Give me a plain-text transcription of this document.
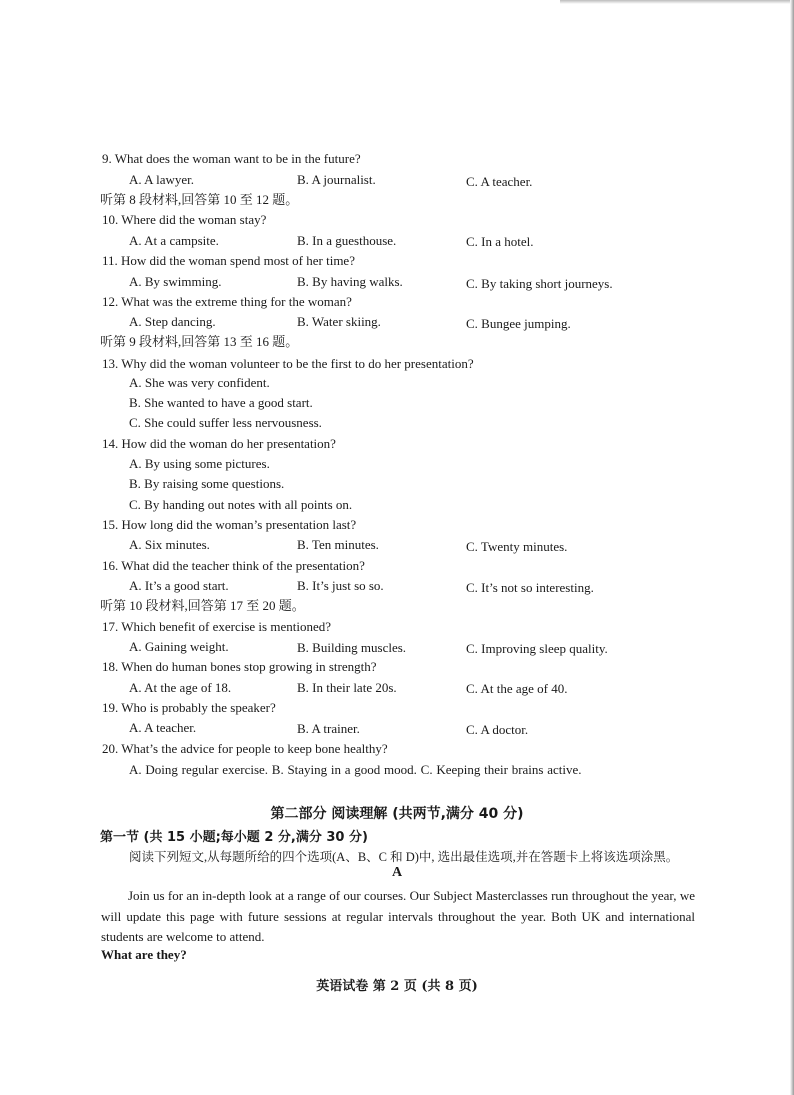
9. What does the woman want to be in the future?
A. A lawyer.	B. A journalist.	C. A teacher.
听第 8 段材料,回答第 10 至 12 题。
10. Where did the woman stay?
A. At a campsite.	B. In a guesthouse.	C. In a hotel.
11. How did the woman spend most of her time?
A. By swimming.	B. By having walks.	C. By taking short journeys.
12. What was the extreme thing for the woman?
A. Step dancing.	B. Water skiing.	C. Bungee jumping.
听第 9 段材料,回答第 13 至 16 题。
13. Why did the woman volunteer to be the first to do her presentation?
A. She was very confident.
B. She wanted to have a good start.
C. She could suffer less nervousness.
14. How did the woman do her presentation?
A. By using some pictures.
B. By raising some questions.
C. By handing out notes with all points on.
15. How long did the woman’s presentation last?
A. Six minutes.	B. Ten minutes.	C. Twenty minutes.
16. What did the teacher think of the presentation?
A. It’s a good start.	B. It’s just so so.	C. It’s not so interesting.
听第 10 段材料,回答第 17 至 20 题。
17. Which benefit of exercise is mentioned?
A. Gaining weight.	B. Building muscles.	C. Improving sleep quality.
18. When do human bones stop growing in strength?
A. At the age of 18.	B. In their late 20s.	C. At the age of 40.
19. Who is probably the speaker?
A. A teacher.	B. A trainer.	C. A doctor.
20. What’s the advice for people to keep bone healthy?
A. Doing regular exercise. B. Staying in a good mood. C. Keeping their brains active.
第二部分 阅读理解 (共两节,满分 40 分)
第一节 (共 15 小题;每小题 2 分,满分 30 分)
阅读下列短文,从每题所给的四个选项(A、B、C 和 D)中, 选出最佳选项,并在答题卡上将该选项涂黑。
A
Join us for an in-depth look at a range of our courses. Our Subject Masterclasses run throughout the year, we will update this page with future sessions at regular intervals throughout the year. Both UK and international students are welcome to attend.
What are they?
英语试卷 第 2 页 (共 8 页)
